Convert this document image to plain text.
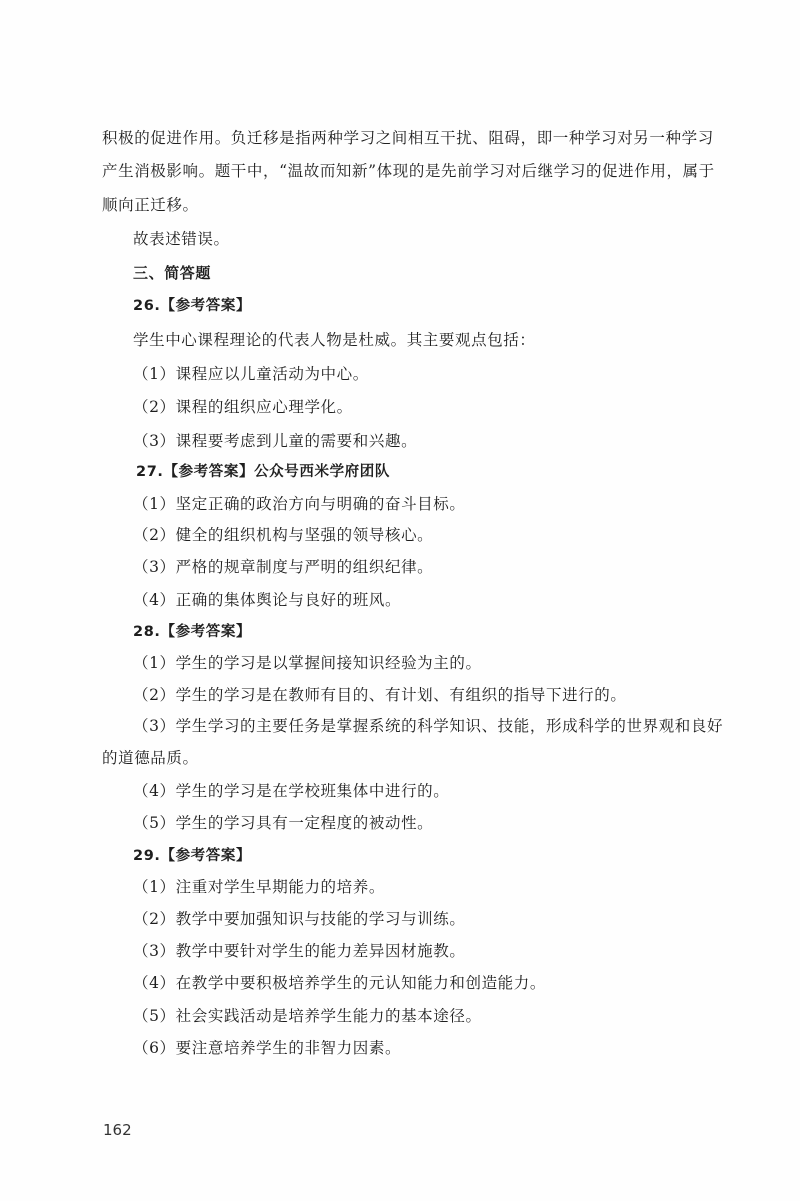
积极的促进作用。负迁移是指两种学习之间相互干扰、阻碍，即一种学习对另一种学习
产生消极影响。题干中，“温故而知新”体现的是先前学习对后继学习的促进作用，属于
顺向正迁移。
故表述错误。
三、简答题
26.【参考答案】
学生中心课程理论的代表人物是杜威。其主要观点包括：
（1）课程应以儿童活动为中心。
（2）课程的组织应心理学化。
（3）课程要考虑到儿童的需要和兴趣。
27.【参考答案】公众号西米学府团队
（1）坚定正确的政治方向与明确的奋斗目标。
（2）健全的组织机构与坚强的领导核心。
（3）严格的规章制度与严明的组织纪律。
（4）正确的集体舆论与良好的班风。
28.【参考答案】
（1）学生的学习是以掌握间接知识经验为主的。
（2）学生的学习是在教师有目的、有计划、有组织的指导下进行的。
（3）学生学习的主要任务是掌握系统的科学知识、技能，形成科学的世界观和良好
的道德品质。
（4）学生的学习是在学校班集体中进行的。
（5）学生的学习具有一定程度的被动性。
29.【参考答案】
（1）注重对学生早期能力的培养。
（2）教学中要加强知识与技能的学习与训练。
（3）教学中要针对学生的能力差异因材施教。
（4）在教学中要积极培养学生的元认知能力和创造能力。
（5）社会实践活动是培养学生能力的基本途径。
（6）要注意培养学生的非智力因素。
162
